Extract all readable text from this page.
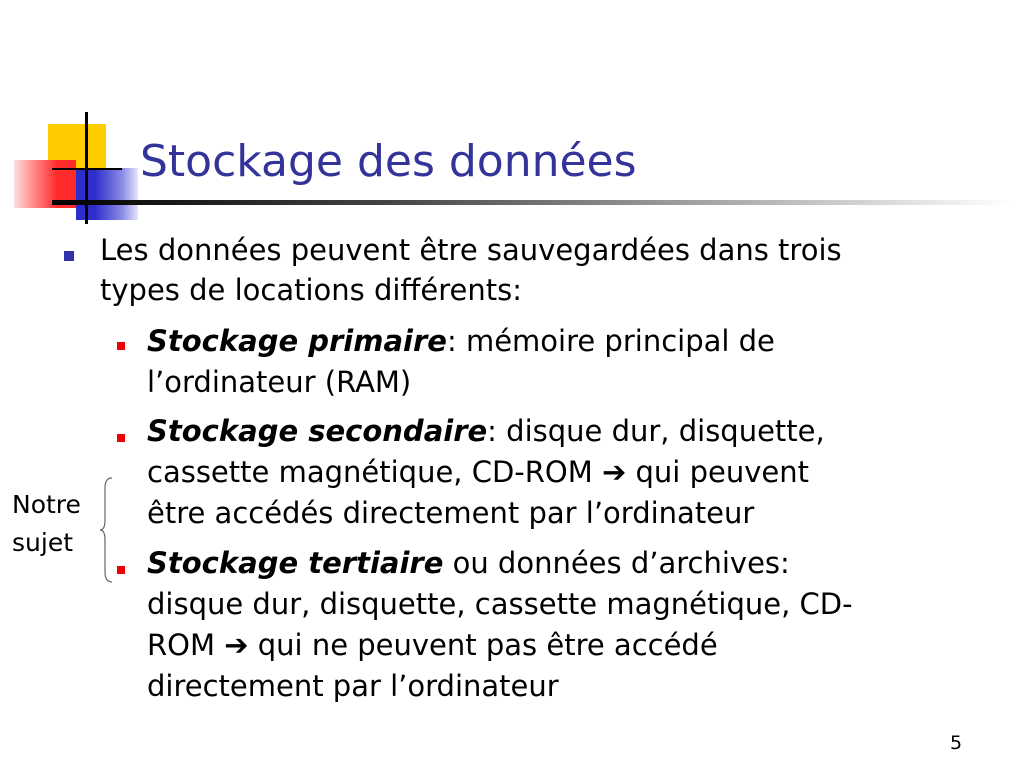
Stockage des données
Les données peuvent être sauvegardées dans trois
types de locations différents:
Stockage primaire: mémoire principal de
l’ordinateur (RAM)
Stockage secondaire: disque dur, disquette,
cassette magnétique, CD-ROM ➔ qui peuvent
être accédés directement par l’ordinateur
Stockage tertiaire ou données d’archives:
disque dur, disquette, cassette magnétique, CD-
ROM ➔ qui ne peuvent pas être accédé
directement par l’ordinateur
Notre
sujet
5
